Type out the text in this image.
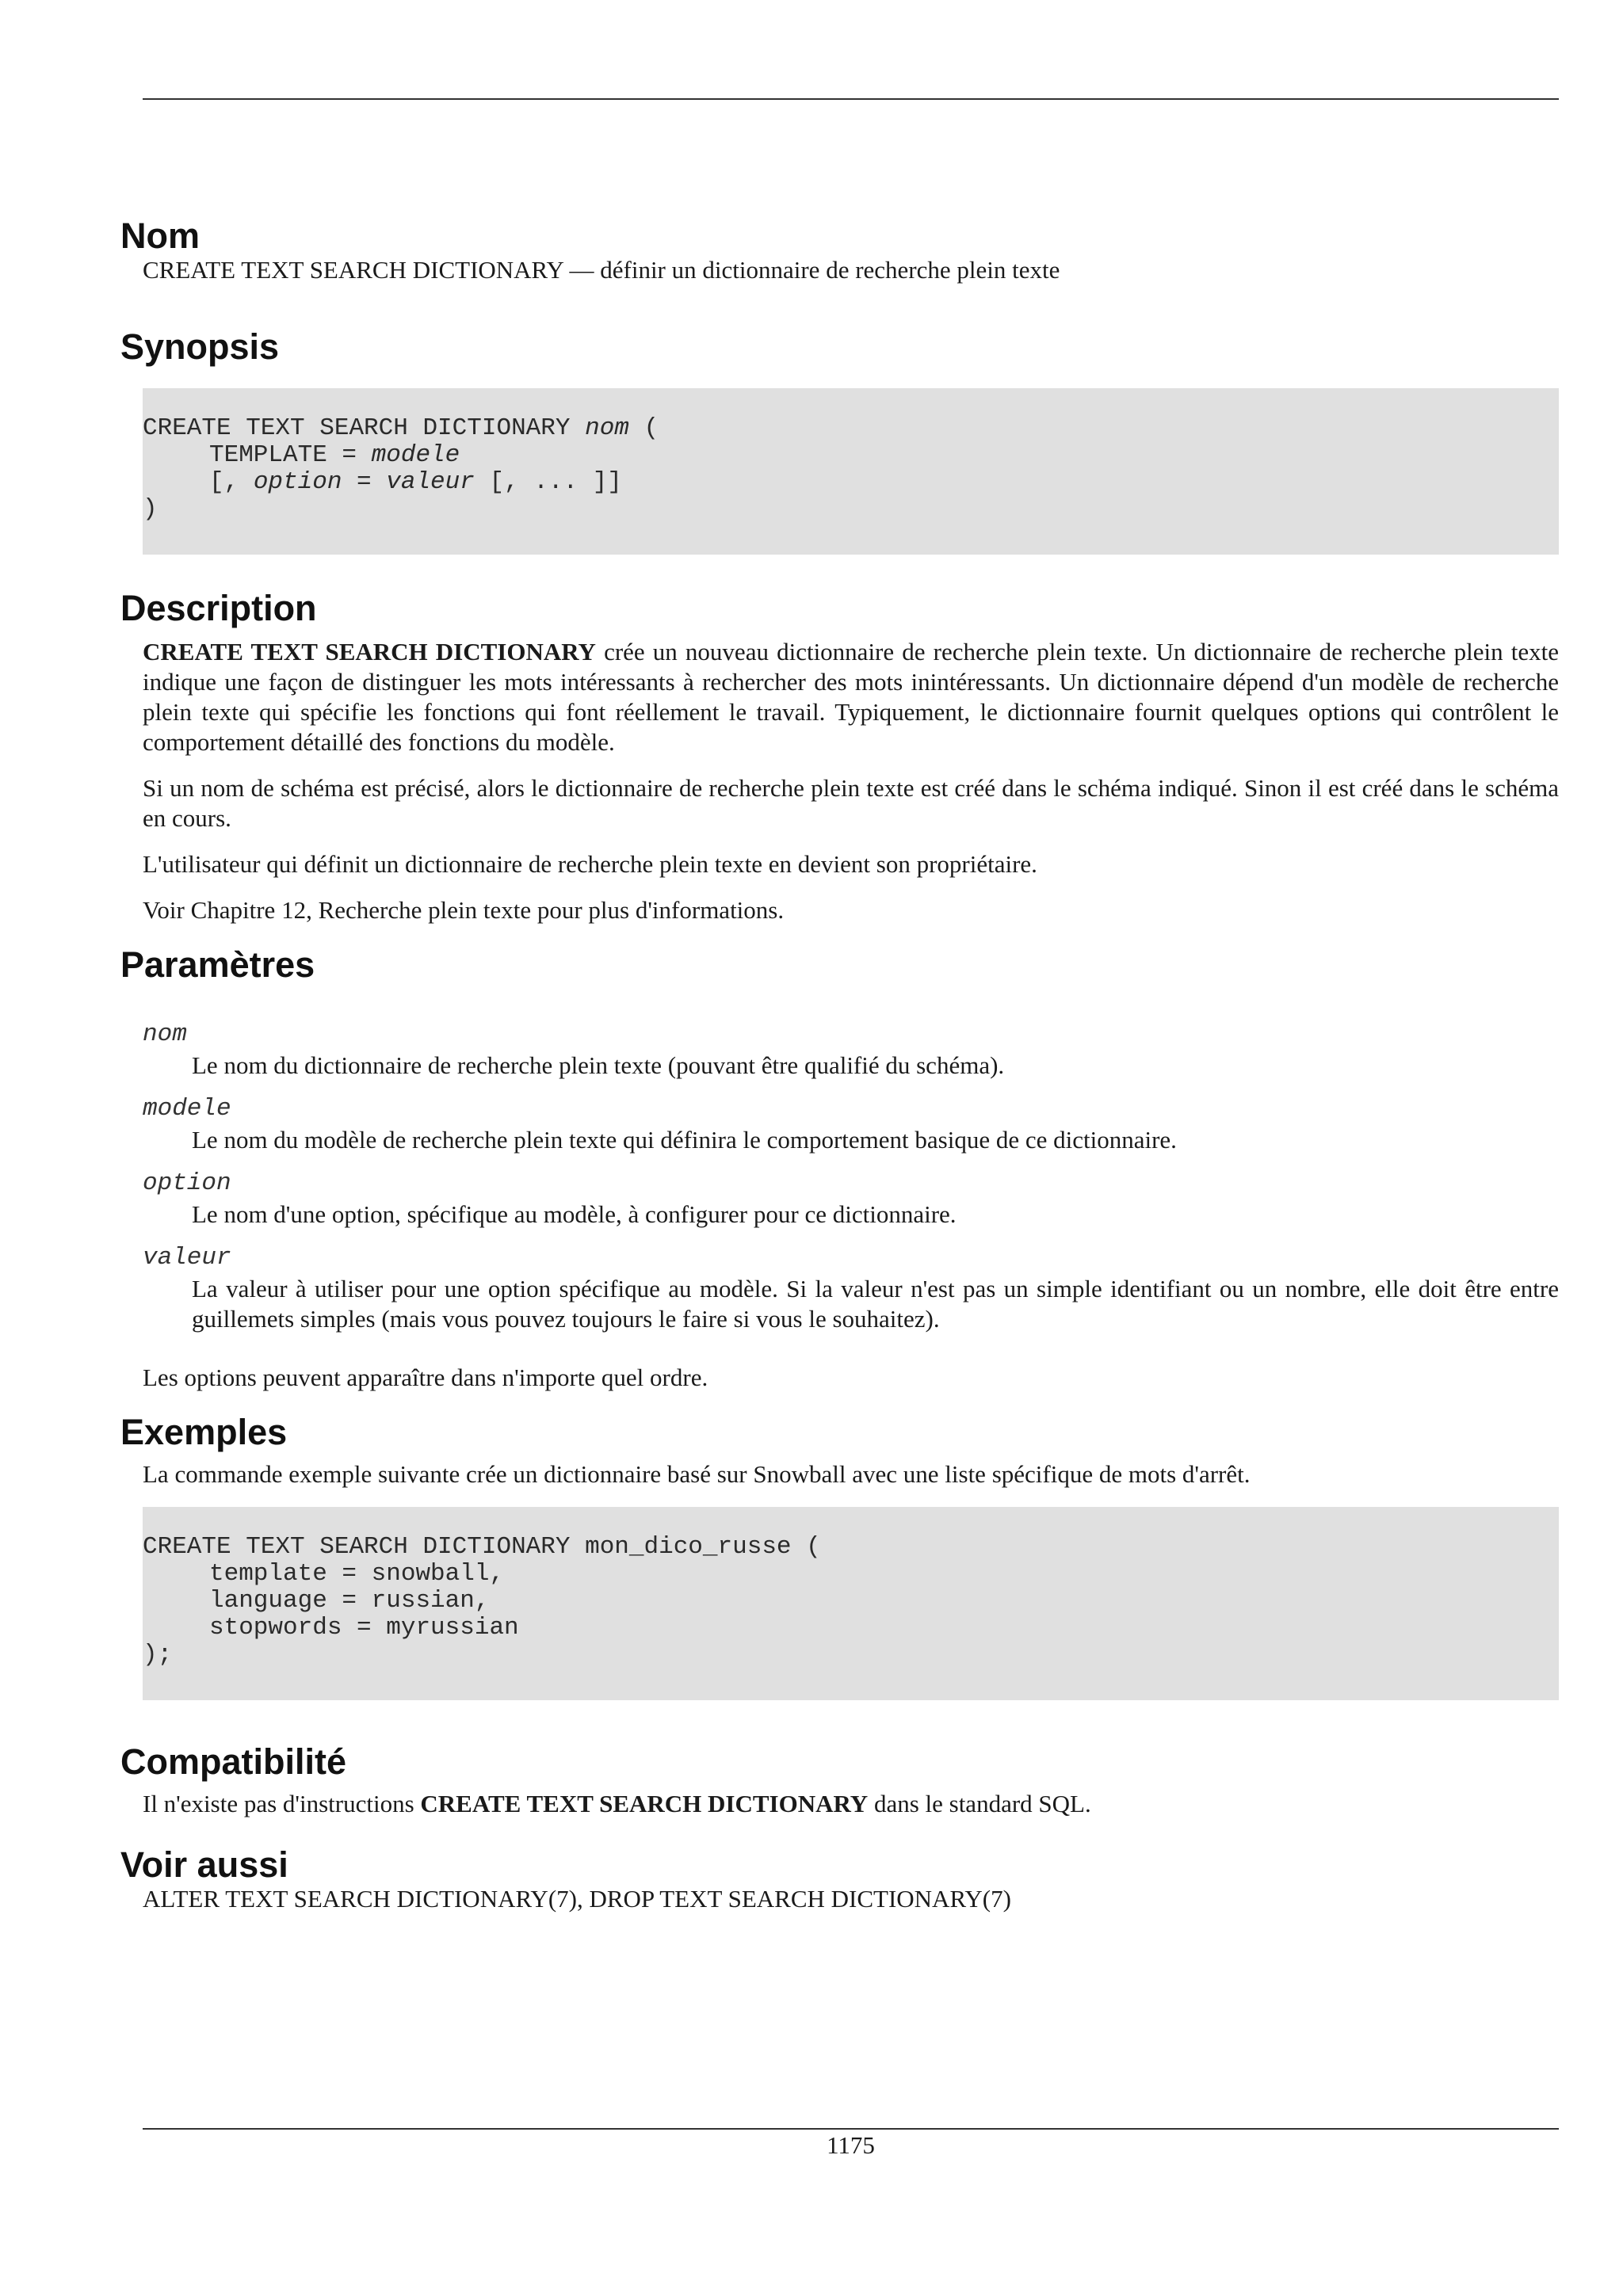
Nom

CREATE TEXT SEARCH DICTIONARY — définir un dictionnaire de recherche plein texte

Synopsis
CREATE TEXT SEARCH DICTIONARY nom (
TEMPLATE = modele
[, option = valeur [, ... ]]
)
Description

CREATE TEXT SEARCH DICTIONARY crée un nouveau dictionnaire de recherche plein texte. Un dictionnaire de recherche plein texte indique une façon de distinguer les mots intéressants à rechercher des mots inintéressants. Un dictionnaire dépend d'un modèle de recherche plein texte qui spécifie les fonctions qui font réellement le travail. Typiquement, le dictionnaire fournit quelques options qui contrôlent le comportement détaillé des fonctions du modèle.

Si un nom de schéma est précisé, alors le dictionnaire de recherche plein texte est créé dans le schéma indiqué. Sinon il est créé dans le schéma en cours.

L'utilisateur qui définit un dictionnaire de recherche plein texte en devient son propriétaire.

Voir Chapitre 12, Recherche plein texte pour plus d'informations.

Paramètres
nom
Le nom du dictionnaire de recherche plein texte (pouvant être qualifié du schéma).
modele
Le nom du modèle de recherche plein texte qui définira le comportement basique de ce dictionnaire.
option
Le nom d'une option, spécifique au modèle, à configurer pour ce dictionnaire.
valeur
La valeur à utiliser pour une option spécifique au modèle. Si la valeur n'est pas un simple identifiant ou un nombre, elle doit être entre guillemets simples (mais vous pouvez toujours le faire si vous le souhaitez).

Les options peuvent apparaître dans n'importe quel ordre.

Exemples

La commande exemple suivante crée un dictionnaire basé sur Snowball avec une liste spécifique de mots d'arrêt.

CREATE TEXT SEARCH DICTIONARY mon_dico_russe (
template = snowball,
language = russian,
stopwords = myrussian
);
Compatibilité

Il n'existe pas d'instructions CREATE TEXT SEARCH DICTIONARY dans le standard SQL.

Voir aussi

ALTER TEXT SEARCH DICTIONARY(7), DROP TEXT SEARCH DICTIONARY(7)

1175
